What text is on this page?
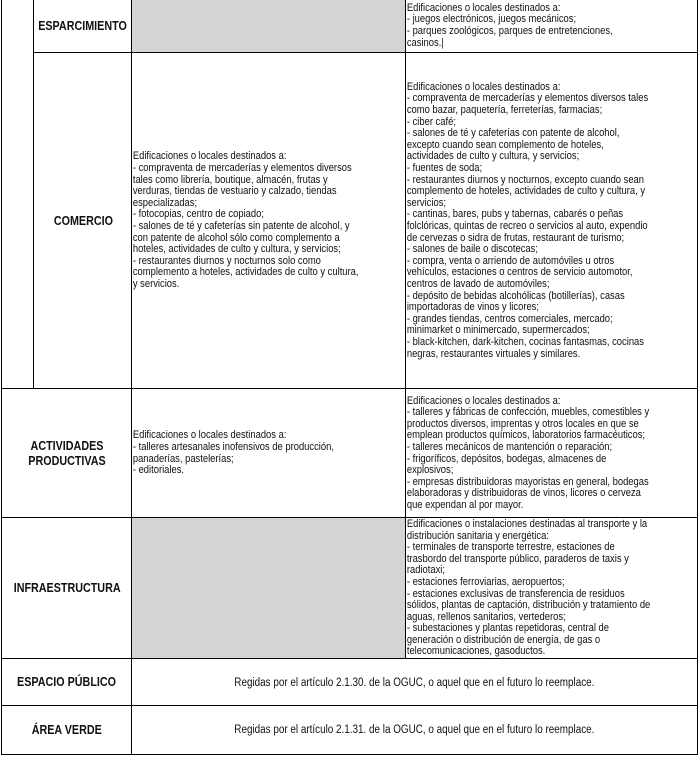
ESPARCIMIENTO
Edificaciones o locales destinados a:
- juegos electrónicos, juegos mecánicos;
- parques zoológicos, parques de entretenciones, casinos.|
COMERCIO
Edificaciones o locales destinados a:
- compraventa de mercaderías y elementos diversos tales como librería, boutique, almacén, frutas y verduras, tiendas de vestuario y calzado, tiendas especializadas;
- fotocopias, centro de copiado;
- salones de té y cafeterías sin patente de alcohol, y con patente de alcohol sólo como complemento a hoteles, actividades de culto y cultura, y servicios;
- restaurantes diurnos y nocturnos solo como complemento a hoteles, actividades de culto y cultura, y servicios.
Edificaciones o locales destinados a:
- compraventa de mercaderías y elementos diversos tales como bazar, paquetería, ferreterías, farmacias;
- ciber café;
- salones de té y cafeterías con patente de alcohol, excepto cuando sean complemento de hoteles, actividades de culto y cultura, y servicios;
- fuentes de soda;
- restaurantes diurnos y nocturnos, excepto cuando sean complemento de hoteles, actividades de culto y cultura, y servicios;
- cantinas, bares, pubs y tabernas, cabarés o peñas folclóricas, quintas de recreo o servicios al auto, expendio de cervezas o sidra de frutas, restaurant de turismo;
- salones de baile o discotecas;
- compra, venta o arriendo de automóviles u otros vehículos, estaciones o centros de servicio automotor, centros de lavado de automóviles;
- depósito de bebidas alcohólicas (botillerías), casas importadoras de vinos y licores;
- grandes tiendas, centros comerciales, mercado; minimarket o minimercado, supermercados;
- black-kitchen, dark-kitchen, cocinas fantasmas, cocinas negras, restaurantes virtuales y similares.
ACTIVIDADES PRODUCTIVAS
Edificaciones o locales destinados a:
- talleres artesanales inofensivos de producción, panaderías, pastelerías;
- editoriales.
Edificaciones o locales destinados a:
- talleres y fábricas de confección, muebles, comestibles y productos diversos, imprentas y otros locales en que se emplean productos químicos, laboratorios farmacéuticos;
- talleres mecánicos de mantención o reparación;
- frigoríficos, depósitos, bodegas, almacenes de explosivos;
- empresas distribuidoras mayoristas en general, bodegas elaboradoras y distribuidoras de vinos, licores o cerveza que expendan al por mayor.
INFRAESTRUCTURA
Edificaciones o instalaciones destinadas al transporte y la distribución sanitaria y energética:
- terminales de transporte terrestre, estaciones de trasbordo del transporte público, paraderos de taxis y radiotaxi;
- estaciones ferroviarias, aeropuertos;
- estaciones exclusivas de transferencia de residuos sólidos, plantas de captación, distribución y tratamiento de aguas, rellenos sanitarios, vertederos;
- subestaciones y plantas repetidoras, central de generación o distribución de energía, de gas o telecomunicaciones, gasoductos.
ESPACIO PÚBLICO	Regidas por el artículo 2.1.30. de la OGUC, o aquel que en el futuro lo reemplace.
ÁREA VERDE	Regidas por el artículo 2.1.31. de la OGUC, o aquel que en el futuro lo reemplace.
